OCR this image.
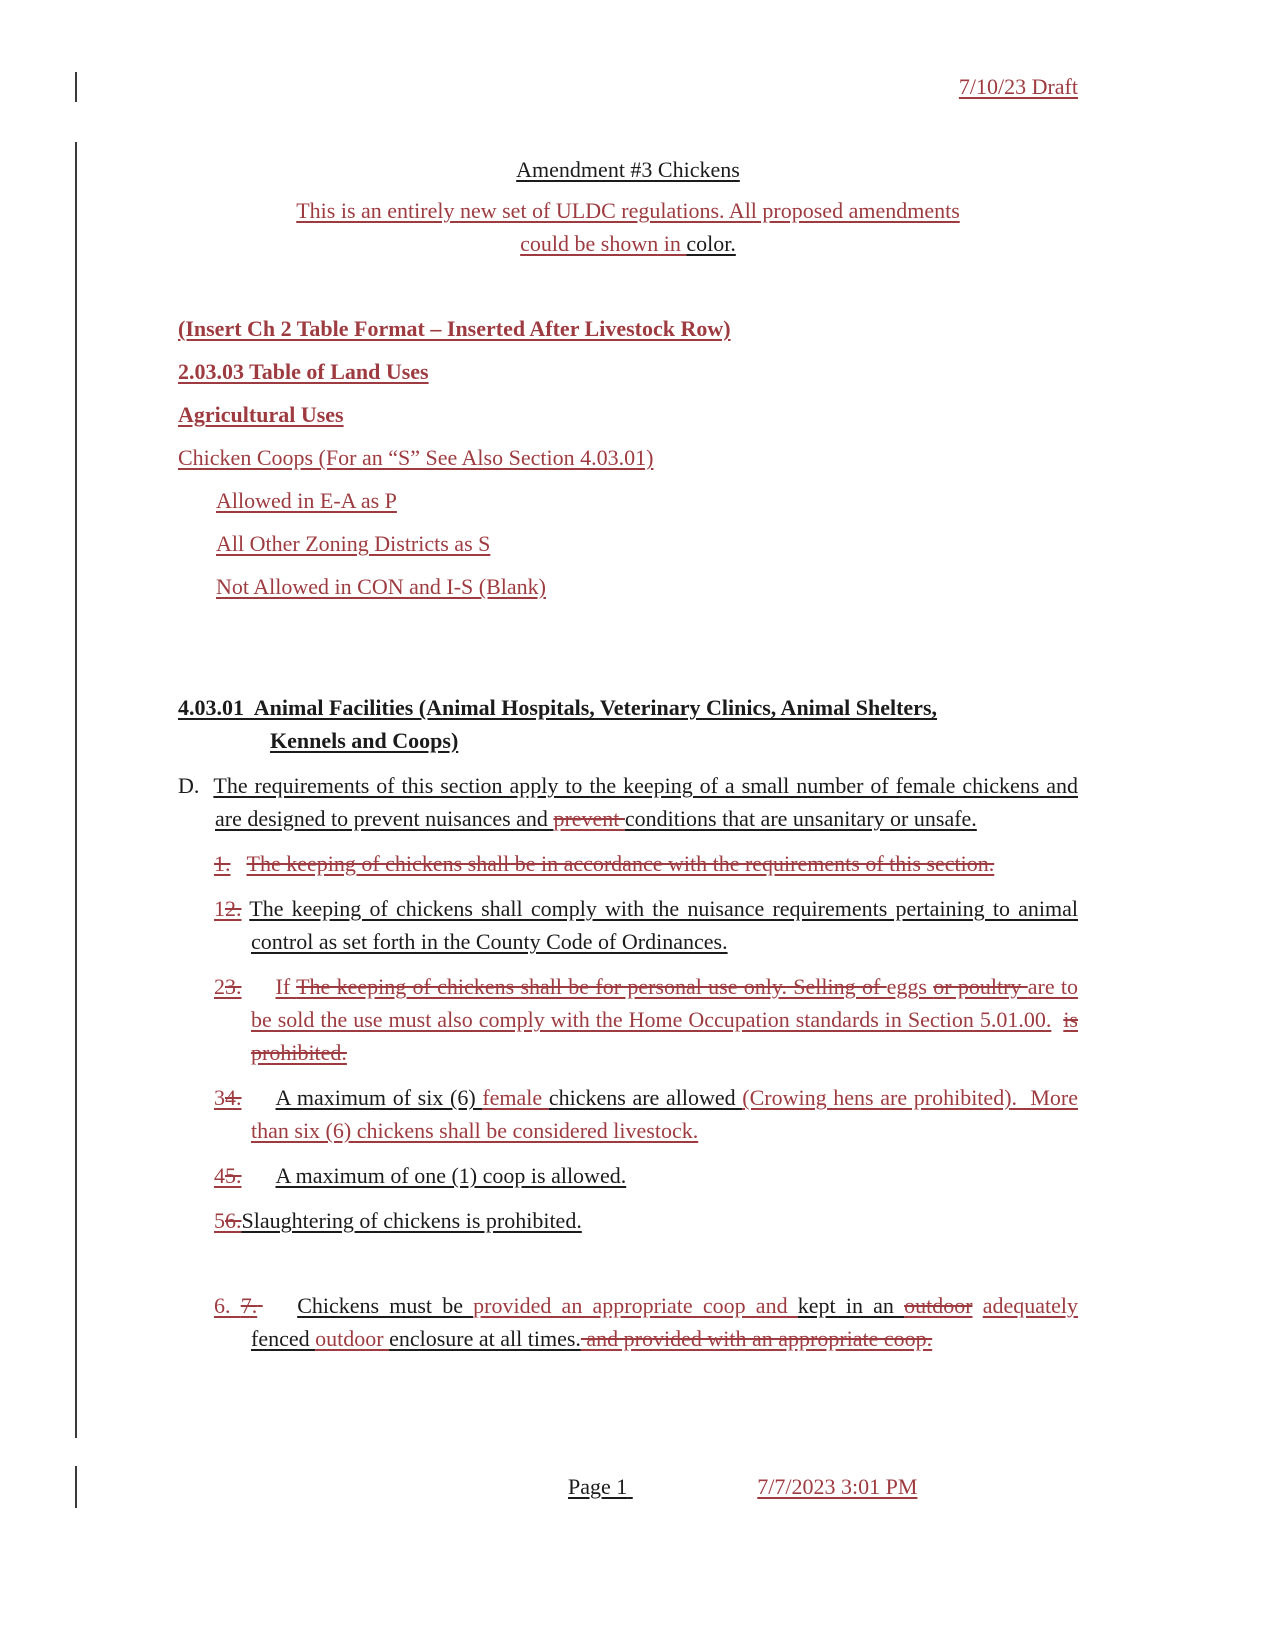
7/10/23 Draft
Amendment #3 Chickens
This is an entirely new set of ULDC regulations. All proposed amendments
could be shown in color.
(Insert Ch 2 Table Format – Inserted After Livestock Row)
2.03.03 Table of Land Uses
Agricultural Uses
Chicken Coops (For an “S” See Also Section 4.03.01)
Allowed in E-A as P
All Other Zoning Districts as S
Not Allowed in CON and I-S (Blank)
4.03.01  Animal Facilities (Animal Hospitals, Veterinary Clinics, Animal Shelters,
Kennels and Coops)
D. The requirements of this section apply to the keeping of a small number of female chickens and are designed to prevent nuisances and prevent conditions that are unsanitary or unsafe.
1. The keeping of chickens shall be in accordance with the requirements of this section.
12. The keeping of chickens shall comply with the nuisance requirements pertaining to animal control as set forth in the County Code of Ordinances.
23. If The keeping of chickens shall be for personal use only. Selling of eggs or poultry are to be sold the use must also comply with the Home Occupation standards in Section 5.01.00. is prohibited.
34. A maximum of six (6) female chickens are allowed (Crowing hens are prohibited).  More than six (6) chickens shall be considered livestock.
45. A maximum of one (1) coop is allowed.
56.Slaughtering of chickens is prohibited.
6. 7. Chickens must be provided an appropriate coop and kept in an outdoor adequately fenced outdoor enclosure at all times. and provided with an appropriate coop.
Page 1	7/7/2023 3:01 PM
